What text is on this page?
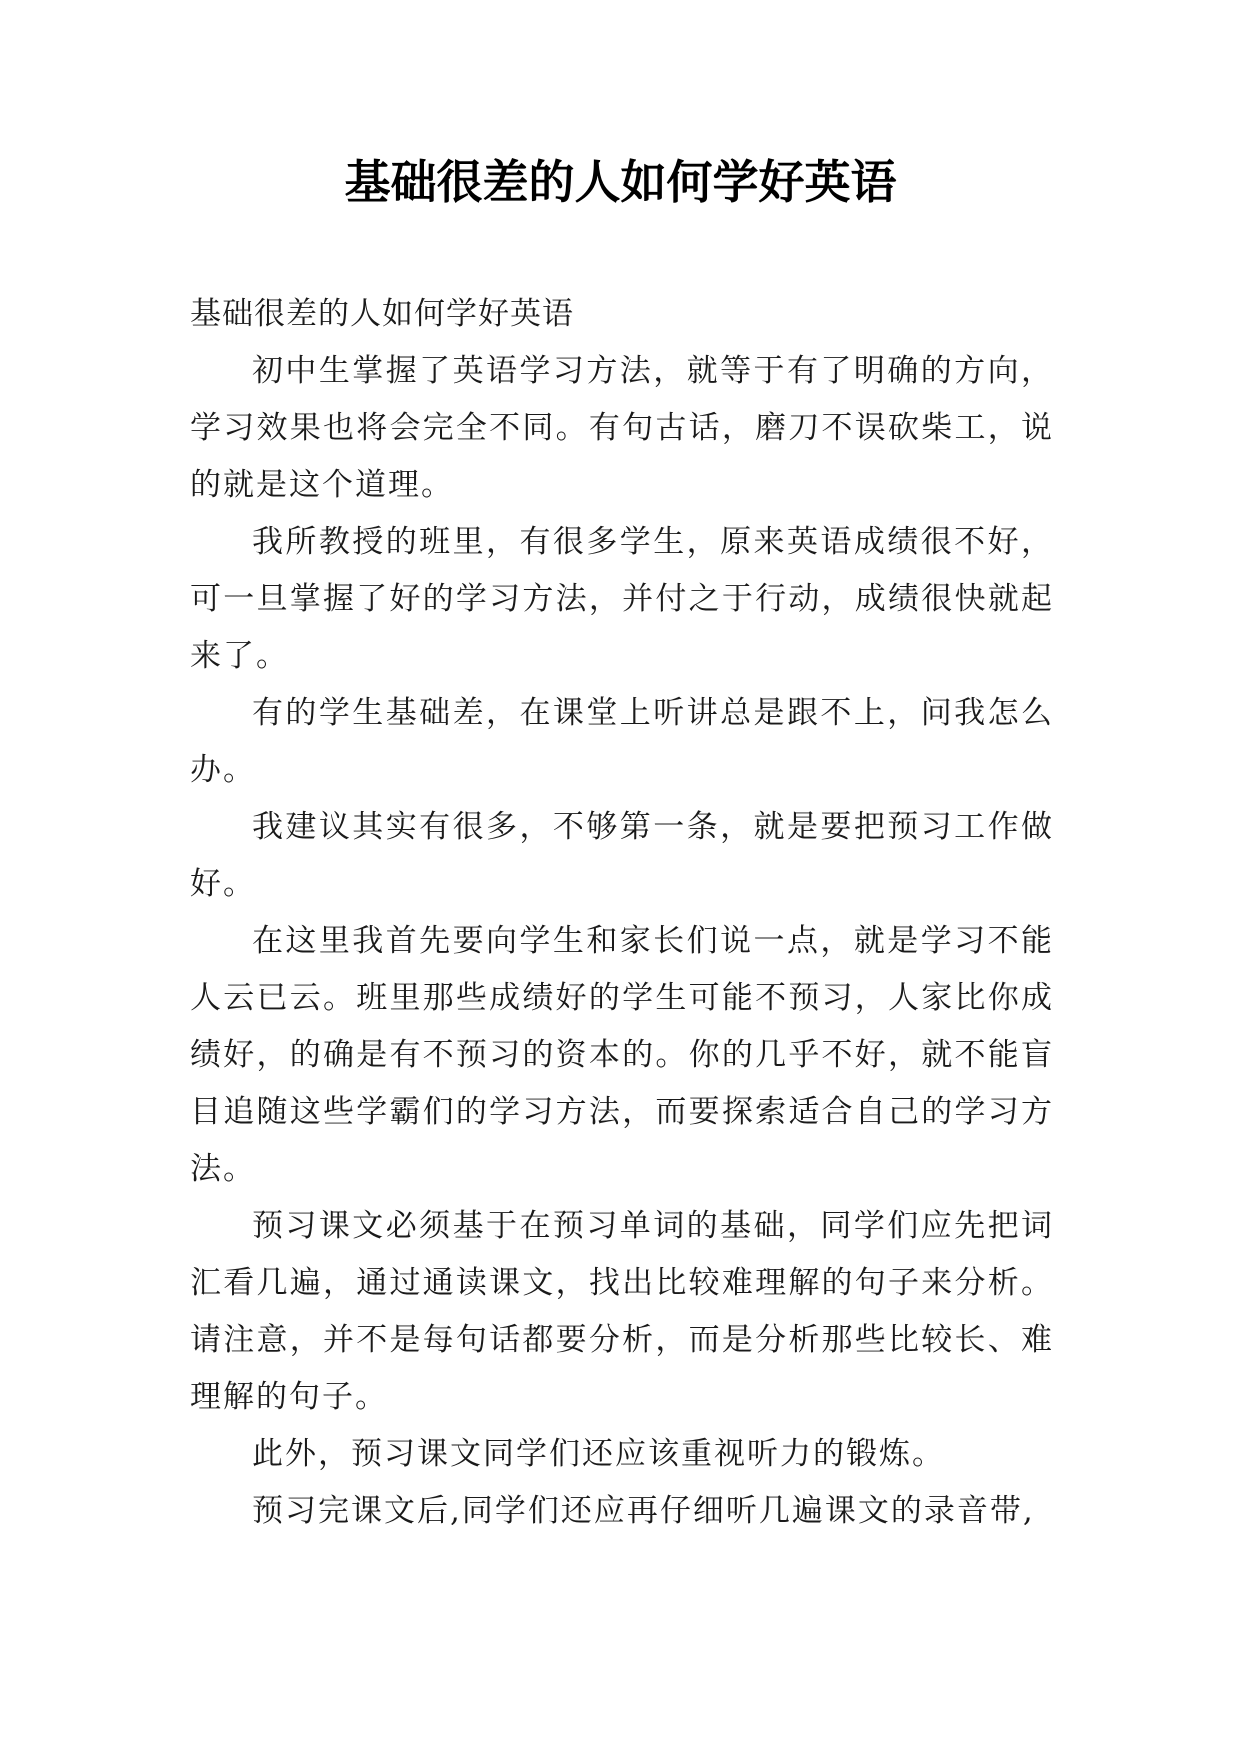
基础很差的人如何学好英语

基础很差的人如何学好英语

初中生掌握了英语学习方法，就等于有了明确的方向，学习效果也将会完全不同。有句古话，磨刀不误砍柴工，说的就是这个道理。

我所教授的班里，有很多学生，原来英语成绩很不好，可一旦掌握了好的学习方法，并付之于行动，成绩很快就起来了。

有的学生基础差，在课堂上听讲总是跟不上，问我怎么办。

我建议其实有很多，不够第一条，就是要把预习工作做好。

在这里我首先要向学生和家长们说一点，就是学习不能人云已云。班里那些成绩好的学生可能不预习，人家比你成绩好，的确是有不预习的资本的。你的几乎不好，就不能盲目追随这些学霸们的学习方法，而要探索适合自己的学习方法。

预习课文必须基于在预习单词的基础，同学们应先把词汇看几遍，通过通读课文，找出比较难理解的句子来分析。请注意，并不是每句话都要分析，而是分析那些比较长、难理解的句子。

此外，预习课文同学们还应该重视听力的锻炼。

预习完课文后,同学们还应再仔细听几遍课文的录音带,
